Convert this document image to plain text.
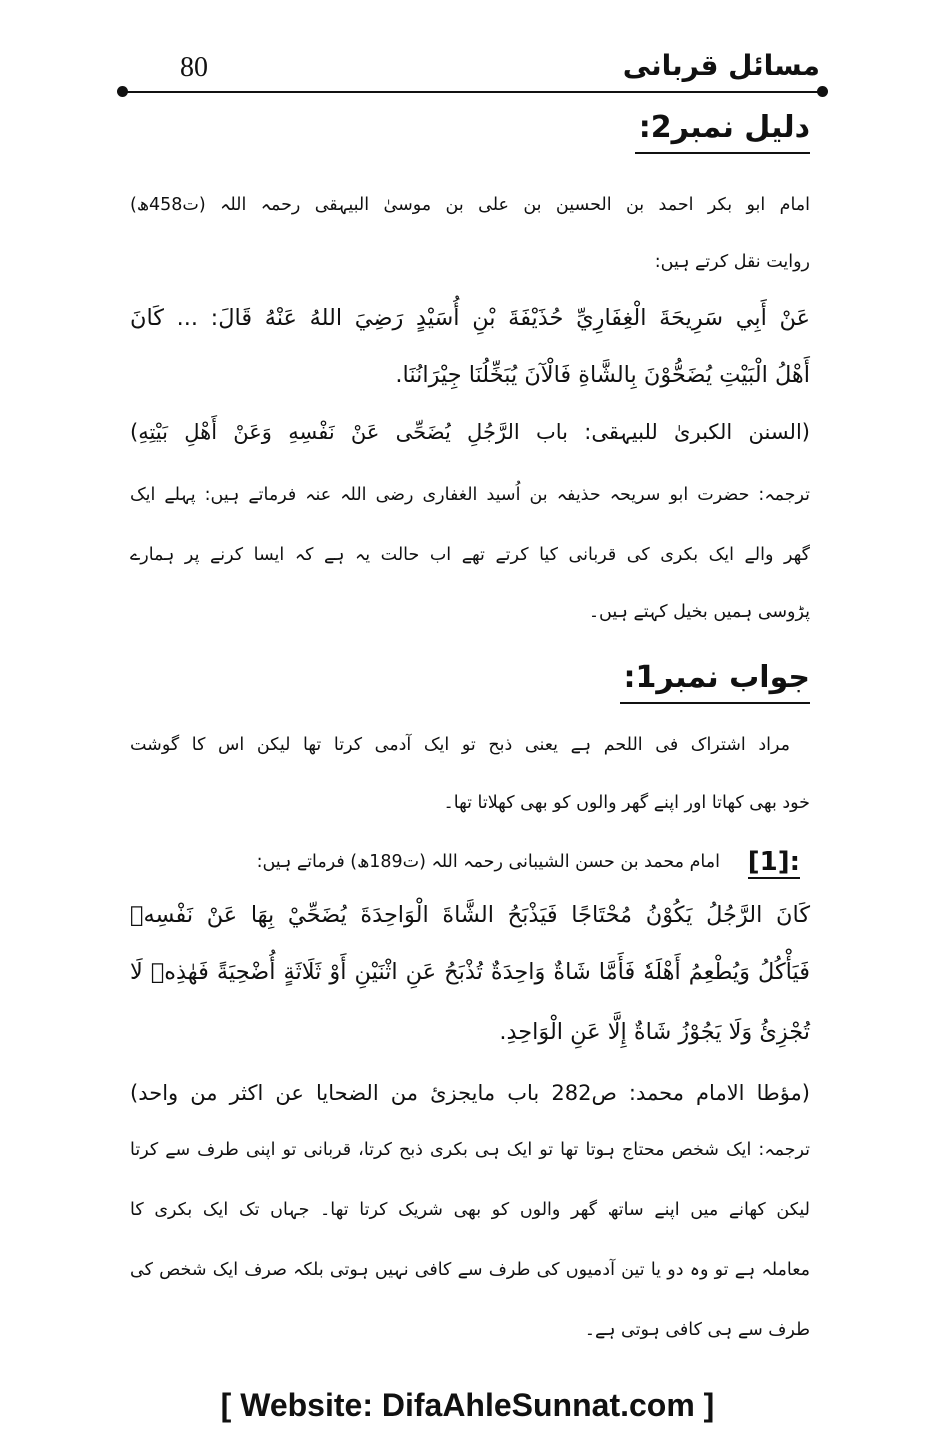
مسائل قربانی
80
دلیل نمبر2:
امام ابو بکر احمد بن الحسین بن علی بن موسیٰ البیہقی رحمہ اللہ (ت458ھ)
روایت نقل کرتے ہیں:
عَنْ أَبِي سَرِيحَةَ الْغِفَارِيِّ حُذَيْفَةَ بْنِ أُسَيْدٍ رَضِيَ اللهُ عَنْهُ قَالَ: ... كَانَ
أَهْلُ الْبَيْتِ يُضَحُّوْنَ بِالشَّاةِ فَالْآنَ يُبَخِّلُنَا جِيْرَانُنَا.
(السنن الکبریٰ للبیہقی: باب الرَّجُلِ یُضَحِّی عَنْ نَفْسِهِ وَعَنْ أَهْلِ بَیْتِهِ)
ترجمہ: حضرت ابو سریحہ حذیفہ بن اُسید الغفاری رضی اللہ عنہ فرماتے ہیں: پہلے ایک
گھر والے ایک بکری کی قربانی کیا کرتے تھے اب حالت یہ ہے کہ ایسا کرنے پر ہمارے
پڑوسی ہمیں بخیل کہتے ہیں۔
جواب نمبر1:
مراد اشتراک فی اللحم ہے یعنی ذبح تو ایک آدمی کرتا تھا لیکن اس کا گوشت
خود بھی کھاتا اور اپنے گھر والوں کو بھی کھلاتا تھا۔
[1]:
امام محمد بن حسن الشیبانی رحمہ اللہ (ت189ھ) فرماتے ہیں:
كَانَ الرَّجُلُ يَكُوْنُ مُحْتَاجًا فَيَذْبَحُ الشَّاةَ الْوَاحِدَةَ يُضَحِّيْ بِهَا عَنْ نَفْسِهٖ
فَيَأْكُلُ وَيُطْعِمُ أَهْلَهٗ فَأَمَّا شَاةٌ وَاحِدَةٌ تُذْبَحُ عَنِ اثْنَيْنِ أَوْ ثَلَاثَةٍ أُضْحِيَةً فَهٰذِهٖ لَا
تُجْزِئُ وَلَا يَجُوْزُ شَاةٌ إِلَّا عَنِ الْوَاحِدِ.
(مؤطا الامام محمد: ص282 باب مایجزیٔ من الضحایا عن اکثر من واحد)
ترجمہ: ایک شخص محتاج ہوتا تھا تو ایک ہی بکری ذبح کرتا، قربانی تو اپنی طرف سے کرتا
لیکن کھانے میں اپنے ساتھ گھر والوں کو بھی شریک کرتا تھا۔ جہاں تک ایک بکری کا
معاملہ ہے تو وہ دو یا تین آدمیوں کی طرف سے کافی نہیں ہوتی بلکہ صرف ایک شخص کی
طرف سے ہی کافی ہوتی ہے۔
[ Website: DifaAhleSunnat.com ]
